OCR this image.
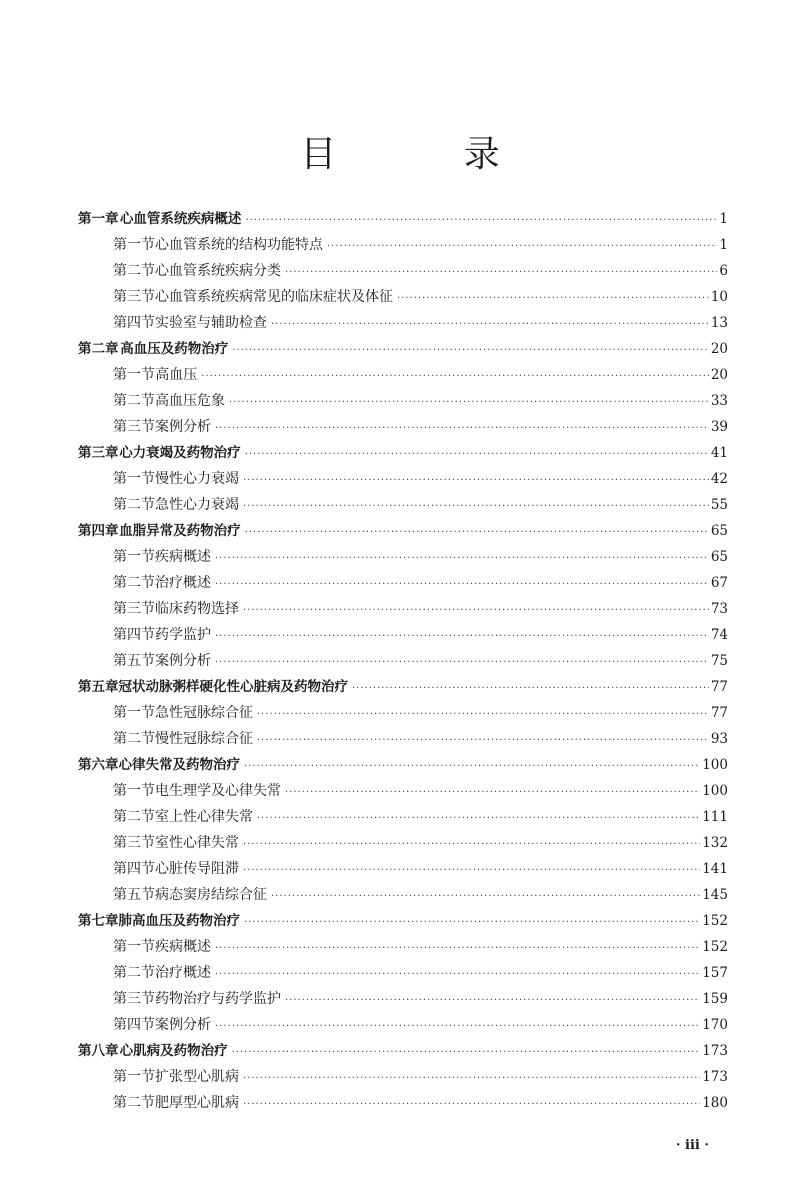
目 录
第一章 心血管系统疾病概述 ·····	1
第一节 心血管系统的结构功能特点 ·····	1
第二节 心血管系统疾病分类 ·····	6
第三节 心血管系统疾病常见的临床症状及体征 ·····	10
第四节 实验室与辅助检查 ·····	13
第二章 高血压及药物治疗 ·····	20
第一节 高血压 ·····	20
第二节 高血压危象 ·····	33
第三节 案例分析 ·····	39
第三章 心力衰竭及药物治疗 ·····	41
第一节 慢性心力衰竭 ·····	42
第二节 急性心力衰竭 ·····	55
第四章 血脂异常及药物治疗 ·····	65
第一节 疾病概述 ·····	65
第二节 治疗概述 ·····	67
第三节 临床药物选择 ·····	73
第四节 药学监护 ·····	74
第五节 案例分析 ·····	75
第五章 冠状动脉粥样硬化性心脏病及药物治疗 ·····	77
第一节 急性冠脉综合征 ·····	77
第二节 慢性冠脉综合征 ·····	93
第六章 心律失常及药物治疗 ·····	100
第一节 电生理学及心律失常 ·····	100
第二节 室上性心律失常 ·····	111
第三节 室性心律失常 ·····	132
第四节 心脏传导阻滞 ·····	141
第五节 病态窦房结综合征 ·····	145
第七章 肺高血压及药物治疗 ·····	152
第一节 疾病概述 ·····	152
第二节 治疗概述 ·····	157
第三节 药物治疗与药学监护 ·····	159
第四节 案例分析 ·····	170
第八章 心肌病及药物治疗 ·····	173
第一节 扩张型心肌病 ·····	173
第二节 肥厚型心肌病 ·····	180
· iii ·
